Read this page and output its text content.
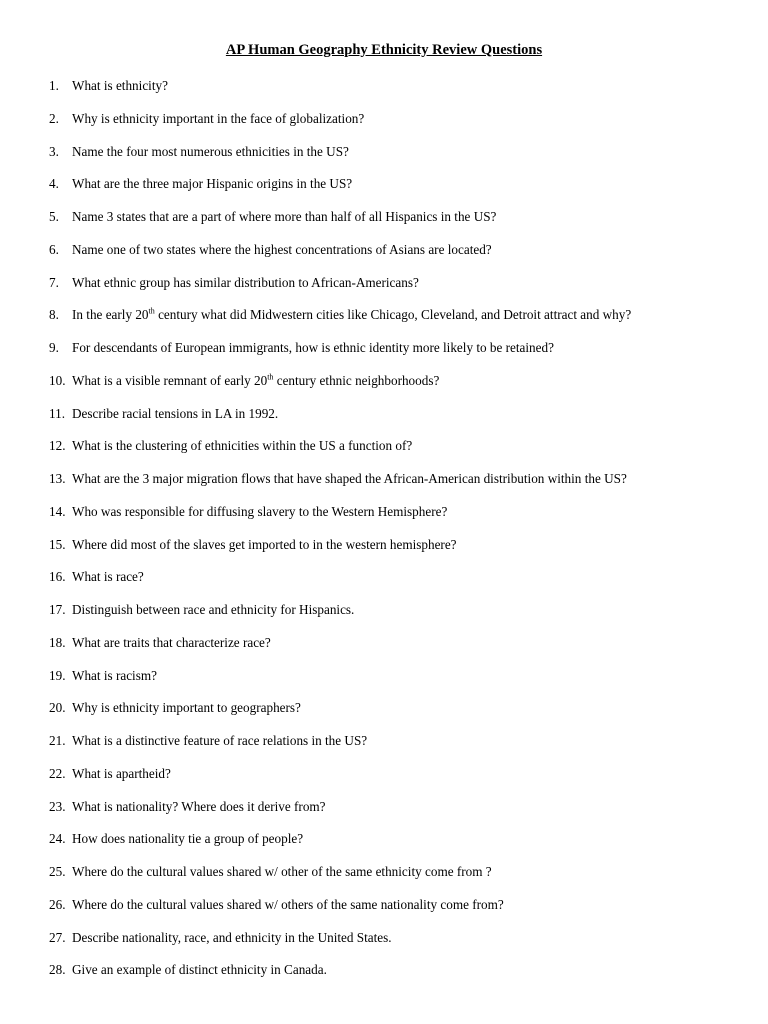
AP Human Geography Ethnicity Review Questions
1. What is ethnicity?
2. Why is ethnicity important in the face of globalization?
3. Name the four most numerous ethnicities in the US?
4. What are the three major Hispanic origins in the US?
5. Name 3 states that are a part of where more than half of all Hispanics in the US?
6. Name one of two states where the highest concentrations of Asians are located?
7. What ethnic group has similar distribution to African-Americans?
8. In the early 20th century what did Midwestern cities like Chicago, Cleveland, and Detroit attract and why?
9. For descendants of European immigrants, how is ethnic identity more likely to be retained?
10. What is a visible remnant of early 20th century ethnic neighborhoods?
11. Describe racial tensions in LA in 1992.
12. What is the clustering of ethnicities within the US a function of?
13. What are the 3 major migration flows that have shaped the African-American distribution within the US?
14. Who was responsible for diffusing slavery to the Western Hemisphere?
15. Where did most of the slaves get imported to in the western hemisphere?
16. What is race?
17. Distinguish between race and ethnicity for Hispanics.
18. What are traits that characterize race?
19. What is racism?
20. Why is ethnicity important to geographers?
21. What is a distinctive feature of race relations in the US?
22. What is apartheid?
23. What is nationality? Where does it derive from?
24. How does nationality tie a group of people?
25. Where do the cultural values shared w/ other of the same ethnicity come from ?
26. Where do the cultural values shared w/ others of the same nationality come from?
27. Describe nationality, race, and ethnicity in the United States.
28. Give an example of distinct ethnicity in Canada.
